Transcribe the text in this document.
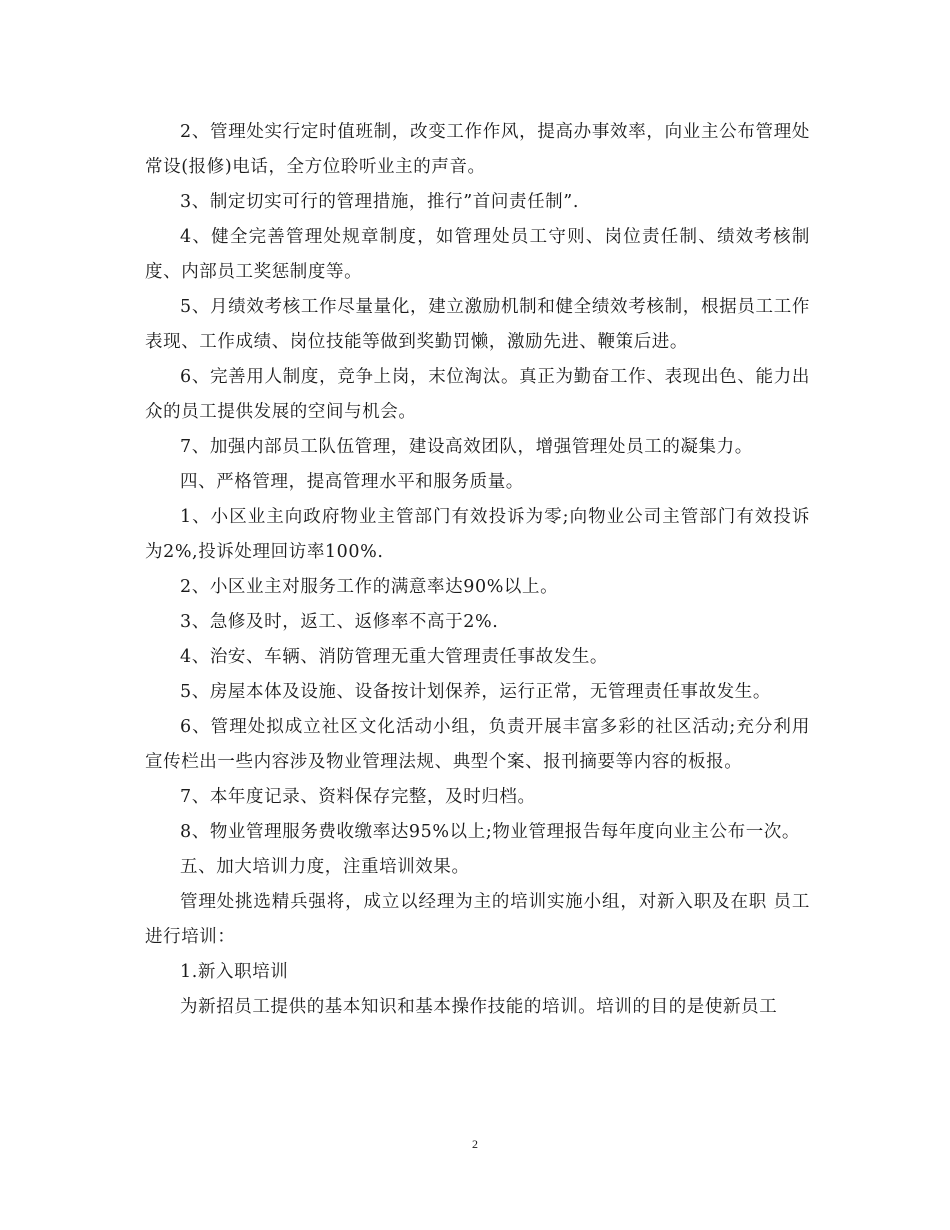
2、管理处实行定时值班制，改变工作作风，提高办事效率，向业主公布管理处常设(报修)电话，全方位聆听业主的声音。

3、制定切实可行的管理措施，推行”首问责任制”.

4、健全完善管理处规章制度，如管理处员工守则、岗位责任制、绩效考核制度、内部员工奖惩制度等。

5、月绩效考核工作尽量量化，建立激励机制和健全绩效考核制，根据员工工作表现、工作成绩、岗位技能等做到奖勤罚懒，激励先进、鞭策后进。

6、完善用人制度，竞争上岗，末位淘汰。真正为勤奋工作、表现出色、能力出众的员工提供发展的空间与机会。

7、加强内部员工队伍管理，建设高效团队，增强管理处员工的凝集力。

四、严格管理，提高管理水平和服务质量。

1、小区业主向政府物业主管部门有效投诉为零;向物业公司主管部门有效投诉为2%,投诉处理回访率100%.

2、小区业主对服务工作的满意率达90%以上。

3、急修及时，返工、返修率不高于2%.

4、治安、车辆、消防管理无重大管理责任事故发生。

5、房屋本体及设施、设备按计划保养，运行正常，无管理责任事故发生。

6、管理处拟成立社区文化活动小组，负责开展丰富多彩的社区活动;充分利用宣传栏出一些内容涉及物业管理法规、典型个案、报刊摘要等内容的板报。

7、本年度记录、资料保存完整，及时归档。

8、物业管理服务费收缴率达95%以上;物业管理报告每年度向业主公布一次。

五、加大培训力度，注重培训效果。

管理处挑选精兵强将，成立以经理为主的培训实施小组，对新入职及在职 员工进行培训：

1.新入职培训

为新招员工提供的基本知识和基本操作技能的培训。培训的目的是使新员工

2
